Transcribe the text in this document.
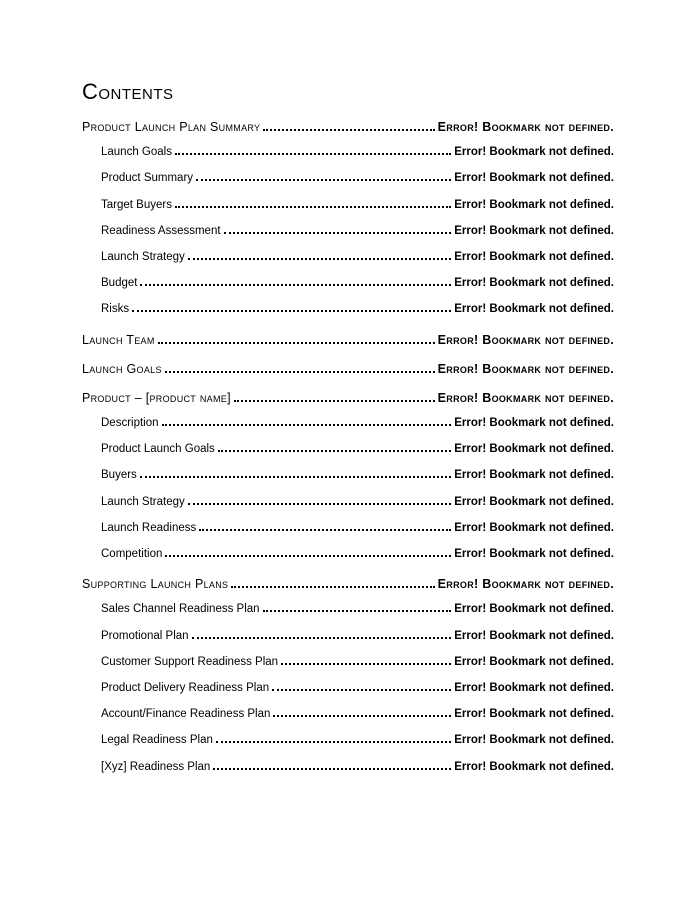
Contents
Product Launch Plan Summary	Error! Bookmark not defined.
Launch Goals	Error! Bookmark not defined.
Product Summary	Error! Bookmark not defined.
Target Buyers	Error! Bookmark not defined.
Readiness Assessment	Error! Bookmark not defined.
Launch Strategy	Error! Bookmark not defined.
Budget	Error! Bookmark not defined.
Risks	Error! Bookmark not defined.
Launch Team	Error! Bookmark not defined.
Launch Goals	Error! Bookmark not defined.
Product – [product name]	Error! Bookmark not defined.
Description	Error! Bookmark not defined.
Product Launch Goals	Error! Bookmark not defined.
Buyers	Error! Bookmark not defined.
Launch Strategy	Error! Bookmark not defined.
Launch Readiness	Error! Bookmark not defined.
Competition	Error! Bookmark not defined.
Supporting Launch Plans	Error! Bookmark not defined.
Sales Channel Readiness Plan	Error! Bookmark not defined.
Promotional Plan	Error! Bookmark not defined.
Customer Support Readiness Plan	Error! Bookmark not defined.
Product Delivery Readiness Plan	Error! Bookmark not defined.
Account/Finance Readiness Plan	Error! Bookmark not defined.
Legal Readiness Plan	Error! Bookmark not defined.
[Xyz] Readiness Plan	Error! Bookmark not defined.
